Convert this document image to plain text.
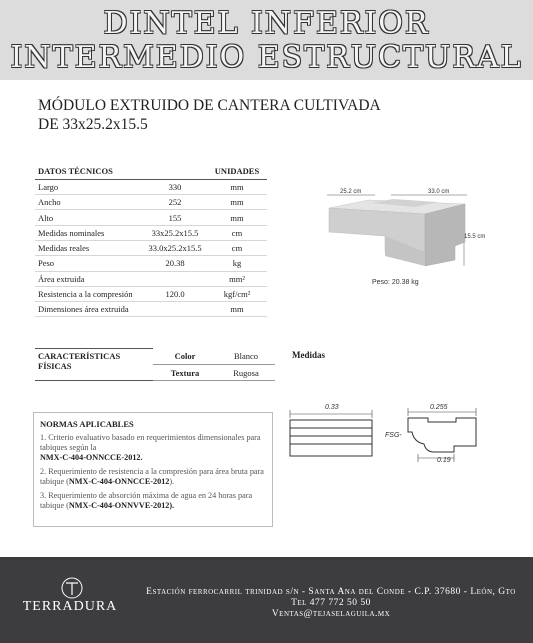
DINTEL INFERIOR
INTERMEDIO ESTRUCTURAL
MÓDULO EXTRUIDO DE CANTERA CULTIVADA
DE 33x25.2x15.5
DATOS TÉCNICOS		UNIDADES
Largo	330	mm
Ancho	252	mm
Alto	155	mm
Medidas nominales	33x25.2x15.5	cm
Medidas reales	33.0x25.2x15.5	cm
Peso	20.38	kg
Área extruida		mm²
Resistencia a la compresión	120.0	kgf/cm²
Dimensiones área extruida		mm
25.2 cm	33.0 cm
15.5 cm
Peso: 20.38 kg
CARACTERÍSTICAS FÍSICAS	Color	Blanco
	Textura	Rugosa
Medidas
NORMAS APLICABLES

1. Criterio evaluativo basado en requerimientos dimensionales para tabiques según la
NMX-C-404-ONNCCE-2012.

2. Requerimiento de resistencia a la compresión para área bruta para tabique (NMX-C-404-ONNCCE-2012).

3. Requerimiento de absorción máxima de agua en 24 horas para tabique (NMX-C-404-ONNVVE-2012).

0.33	0.255
FSG-
0.19
TERRADURA
Estación ferrocarril trinidad s/n - Santa Ana del Conde - C.P. 37680 - León, Gto
Tel 477 772 50 50
Ventas@tejaselaguila.mx
